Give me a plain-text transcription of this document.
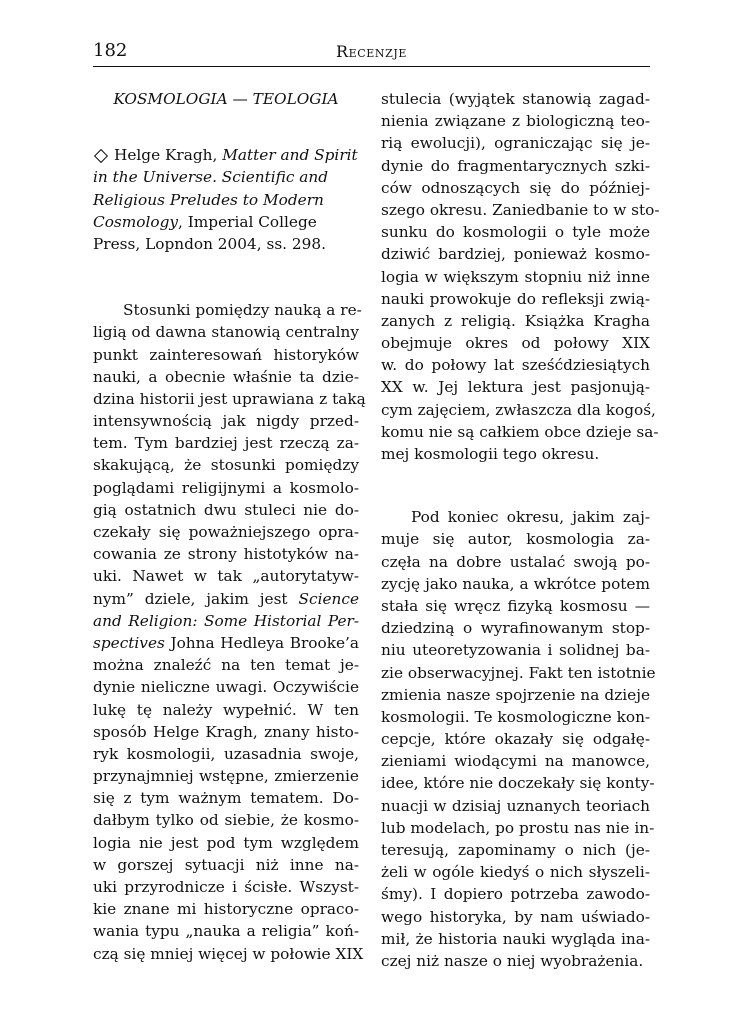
182	Recenzje
KOSMOLOGIA — TEOLOGIA
Helge Kragh, Matter and Spirit
in the Universe. Scientific and
Religious Preludes to Modern
Cosmology, Imperial College
Press, Lopndon 2004, ss. 298.
Stosunki pomiędzy nauką a re-
ligią od dawna stanowią centralny
punkt zainteresowań historyków
nauki, a obecnie właśnie ta dzie-
dzina historii jest uprawiana z taką
intensywnością jak nigdy przed-
tem. Tym bardziej jest rzeczą za-
skakującą, że stosunki pomiędzy
poglądami religijnymi a kosmolo-
gią ostatnich dwu stuleci nie do-
czekały się poważniejszego opra-
cowania ze strony histotyków na-
uki. Nawet w tak „autorytatyw-
nym” dziele, jakim jest Science
and Religion: Some Historial Per-
spectives Johna Hedleya Brooke’a
można znaleźć na ten temat je-
dynie nieliczne uwagi. Oczywiście
lukę tę należy wypełnić. W ten
sposób Helge Kragh, znany histo-
ryk kosmologii, uzasadnia swoje,
przynajmniej wstępne, zmierzenie
się z tym ważnym tematem. Do-
dałbym tylko od siebie, że kosmo-
logia nie jest pod tym względem
w gorszej sytuacji niż inne na-
uki przyrodnicze i ścisłe. Wszyst-
kie znane mi historyczne opraco-
wania typu „nauka a religia” koń-
czą się mniej więcej w połowie XIX
stulecia (wyjątek stanowią zagad-
nienia związane z biologiczną teo-
rią ewolucji), ograniczając się je-
dynie do fragmentarycznych szki-
ców odnoszących się do później-
szego okresu. Zaniedbanie to w sto-
sunku do kosmologii o tyle może
dziwić bardziej, ponieważ kosmo-
logia w większym stopniu niż inne
nauki prowokuje do refleksji zwią-
zanych z religią. Książka Kragha
obejmuje okres od połowy XIX
w. do połowy lat sześćdziesiątych
XX w. Jej lektura jest pasjonują-
cym zajęciem, zwłaszcza dla kogoś,
komu nie są całkiem obce dzieje sa-
mej kosmologii tego okresu.
Pod koniec okresu, jakim zaj-
muje się autor, kosmologia za-
częła na dobre ustalać swoją po-
zycję jako nauka, a wkrótce potem
stała się wręcz fizyką kosmosu —
dziedziną o wyrafinowanym stop-
niu uteoretyzowania i solidnej ba-
zie obserwacyjnej. Fakt ten istotnie
zmienia nasze spojrzenie na dzieje
kosmologii. Te kosmologiczne kon-
cepcje, które okazały się odgałę-
zieniami wiodącymi na manowce,
idee, które nie doczekały się konty-
nuacji w dzisiaj uznanych teoriach
lub modelach, po prostu nas nie in-
teresują, zapominamy o nich (je-
żeli w ogóle kiedyś o nich słyszeli-
śmy). I dopiero potrzeba zawodo-
wego historyka, by nam uświado-
mił, że historia nauki wygląda ina-
czej niż nasze o niej wyobrażenia.
